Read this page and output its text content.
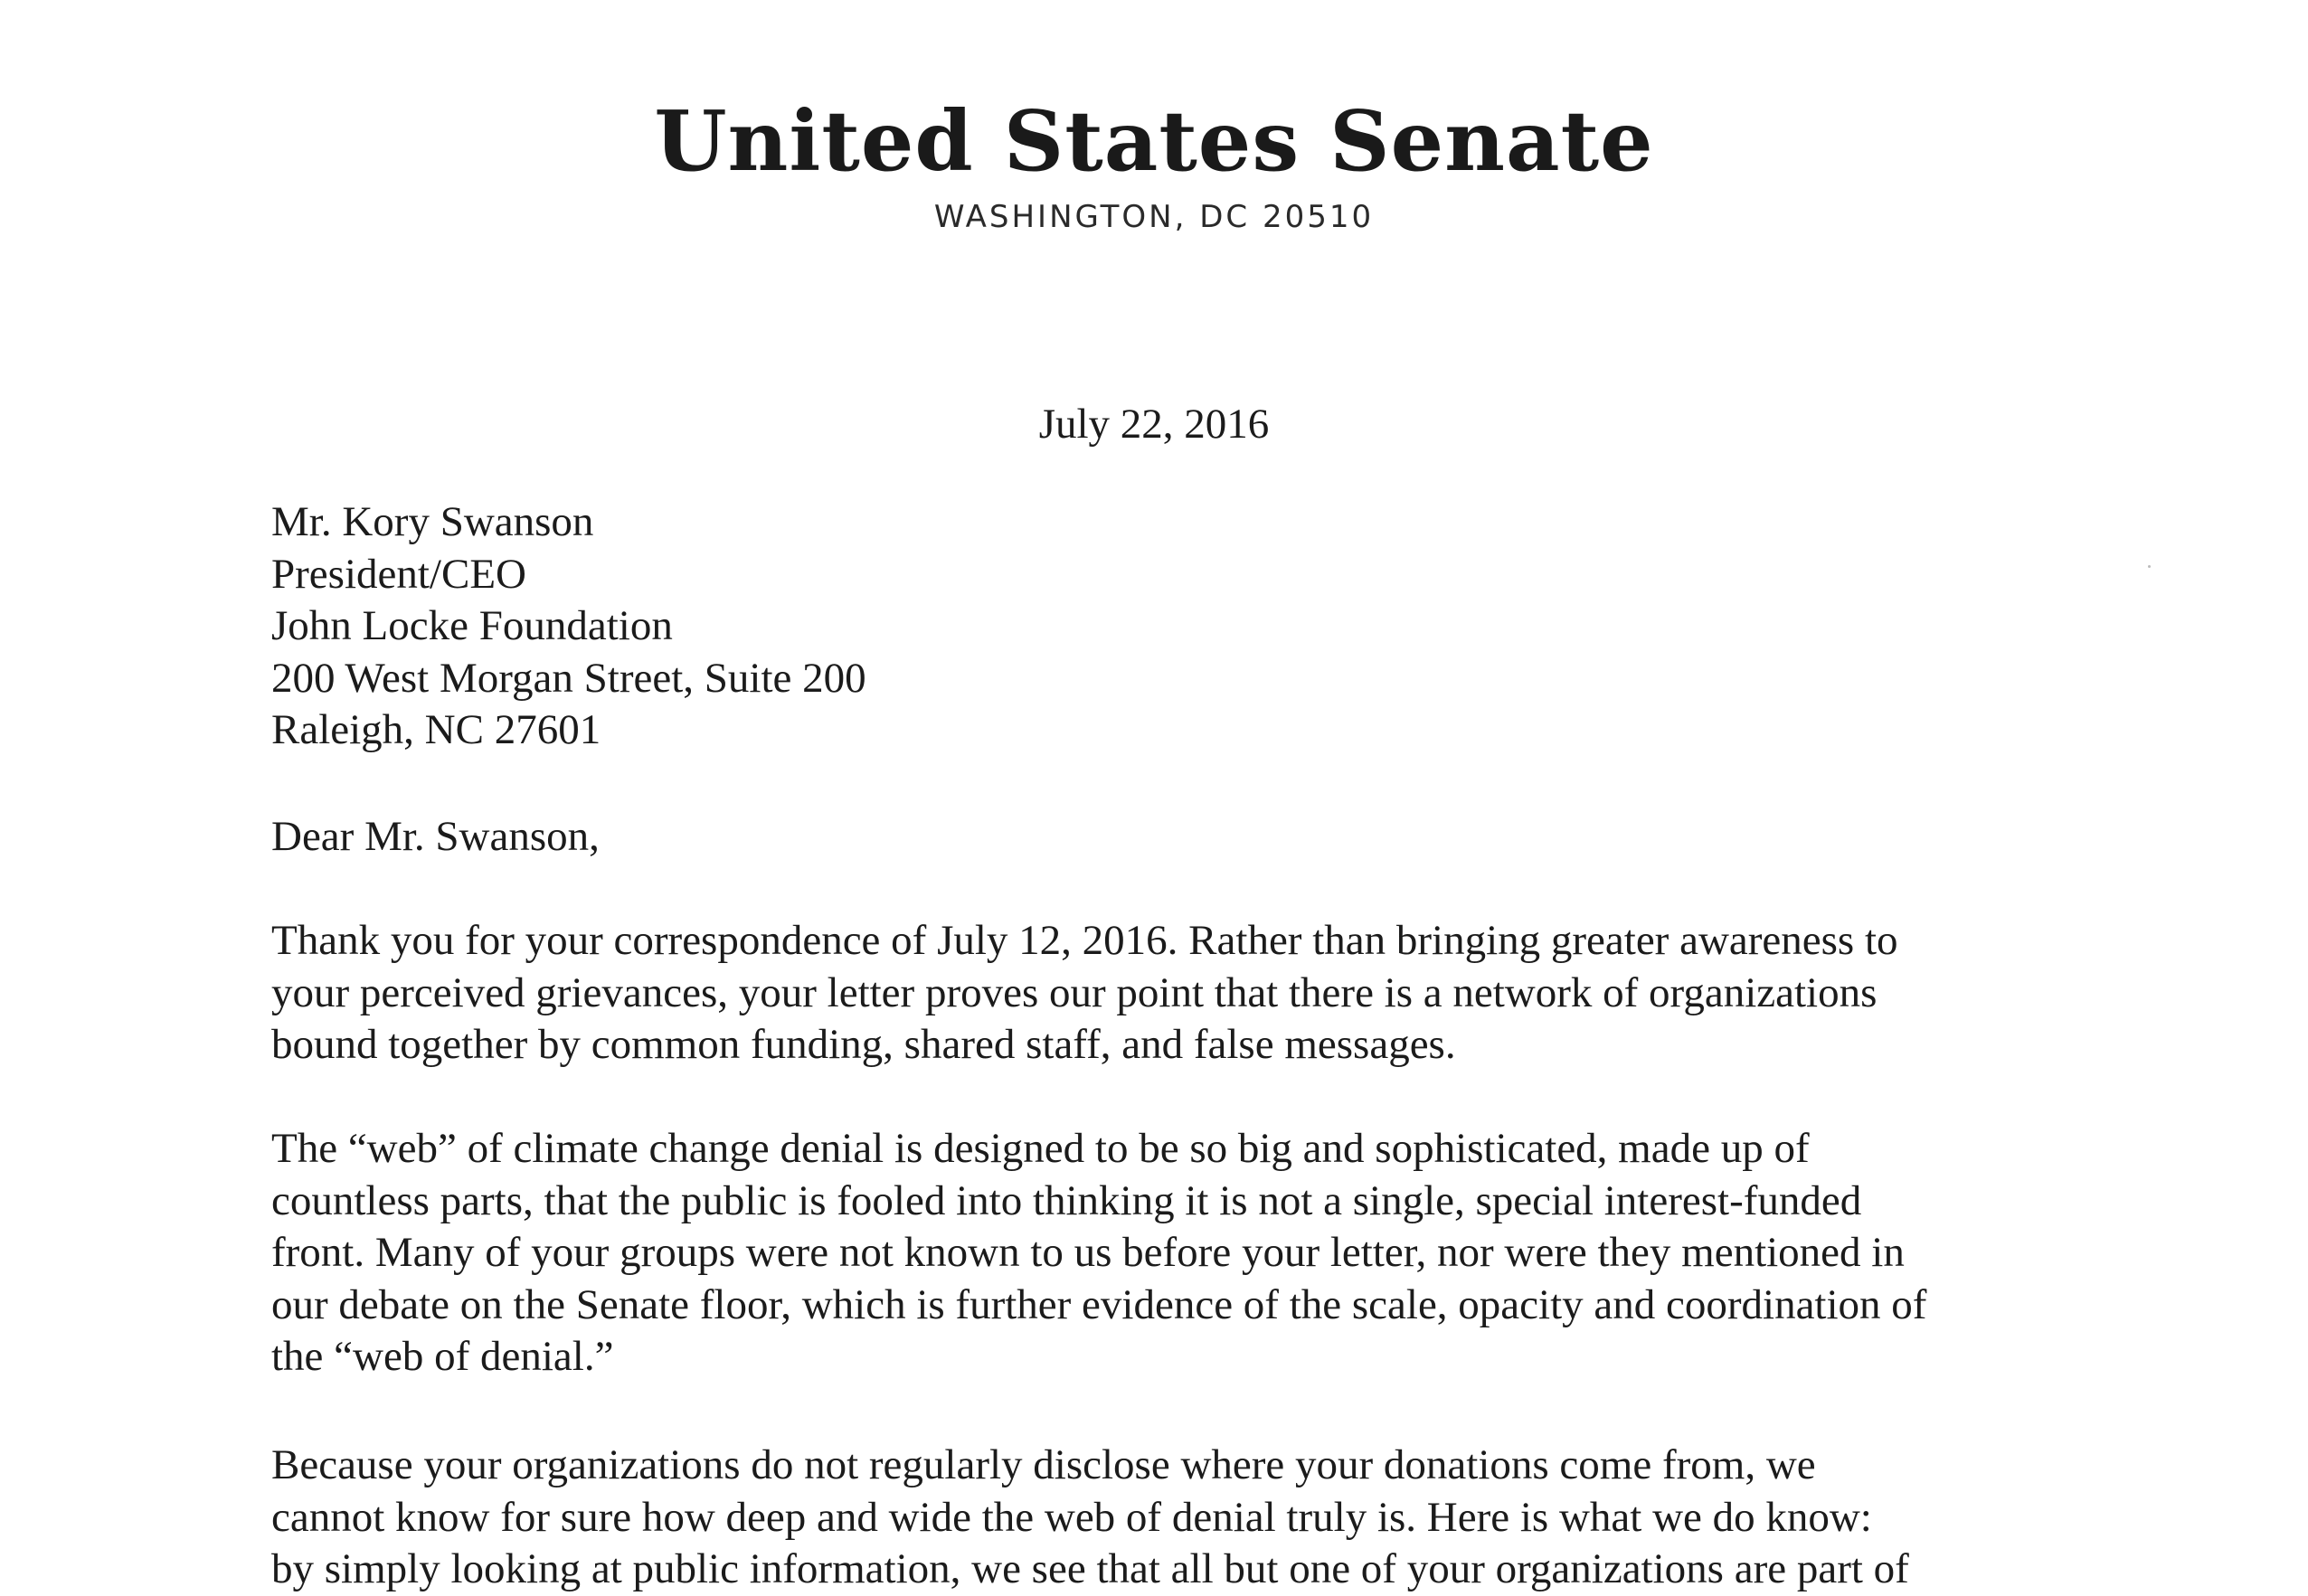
United States Senate
WASHINGTON, DC 20510
July 22, 2016
Mr. Kory Swanson
President/CEO
John Locke Foundation
200 West Morgan Street, Suite 200
Raleigh, NC 27601
Dear Mr. Swanson,
Thank you for your correspondence of July 12, 2016. Rather than bringing greater awareness to
your perceived grievances, your letter proves our point that there is a network of organizations
bound together by common funding, shared staff, and false messages.
The “web” of climate change denial is designed to be so big and sophisticated, made up of
countless parts, that the public is fooled into thinking it is not a single, special interest-funded
front. Many of your groups were not known to us before your letter, nor were they mentioned in
our debate on the Senate floor, which is further evidence of the scale, opacity and coordination of
the “web of denial.”
Because your organizations do not regularly disclose where your donations come from, we
cannot know for sure how deep and wide the web of denial truly is. Here is what we do know:
by simply looking at public information, we see that all but one of your organizations are part of
